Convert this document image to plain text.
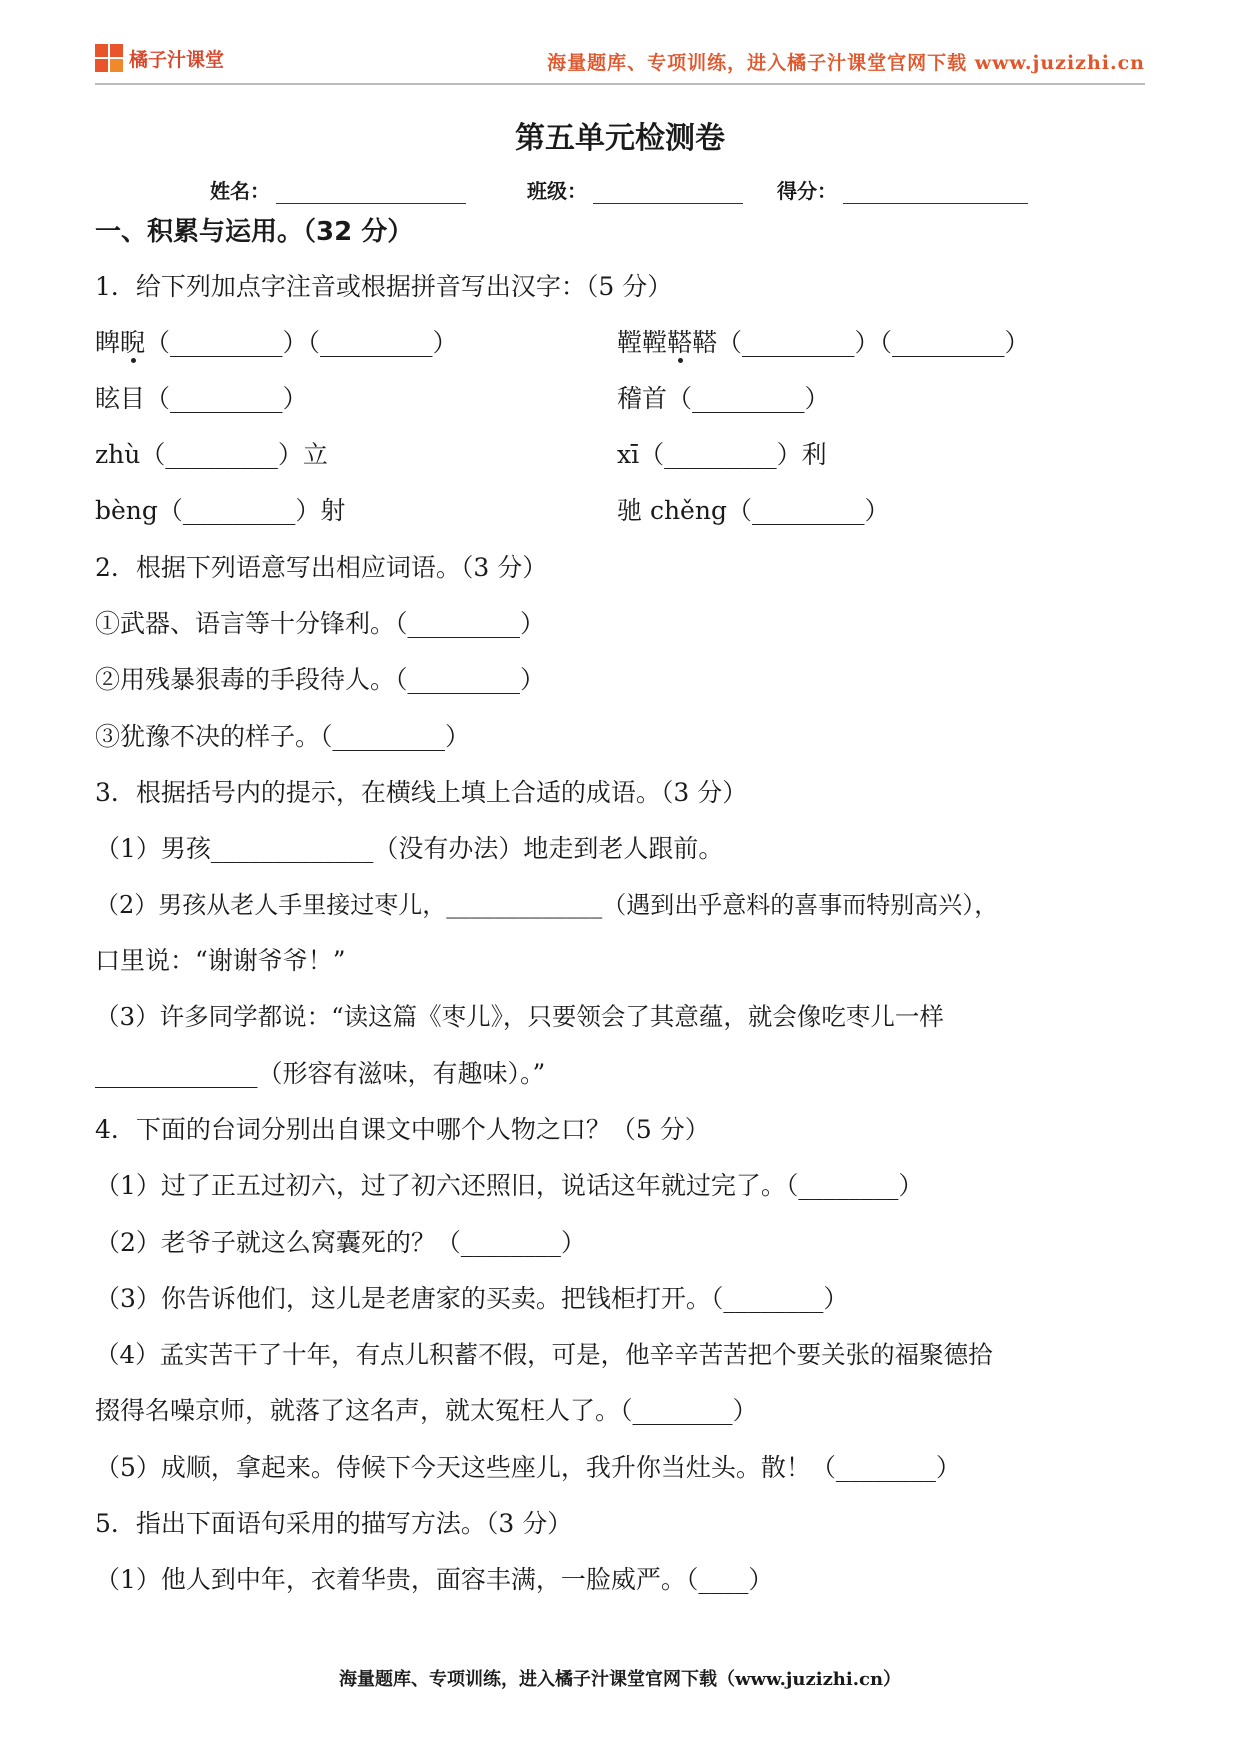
橘子汁课堂	海量题库、专项训练，进入橘子汁课堂官网下载 www.juzizhi.cn
第五单元检测卷
姓名：	班级：	得分：
一、积累与运用。（32 分）
1．给下列加点字注音或根据拼音写出汉字：（5 分）
睥睨（_________）（_________）	鞺鞺鞳鞳（_________）（_________）
眩目（_________）	稽首（_________）
zhù（_________）立	xī（_________）利
bèng（_________）射	驰 chěng（_________）
2．根据下列语意写出相应词语。（3 分）
①武器、语言等十分锋利。（_________）
②用残暴狠毒的手段待人。（_________）
③犹豫不决的样子。（_________）
3．根据括号内的提示，在横线上填上合适的成语。（3 分）
（1）男孩_____________（没有办法）地走到老人跟前。
（2）男孩从老人手里接过枣儿，_____________（遇到出乎意料的喜事而特别高兴），
口里说：“谢谢爷爷！”
（3）许多同学都说：“读这篇《枣儿》，只要领会了其意蕴，就会像吃枣儿一样
_____________（形容有滋味，有趣味）。”
4．下面的台词分别出自课文中哪个人物之口？（5 分）
（1）过了正五过初六，过了初六还照旧，说话这年就过完了。（________）
（2）老爷子就这么窝囊死的？（________）
（3）你告诉他们，这儿是老唐家的买卖。把钱柜打开。（________）
（4）孟实苦干了十年，有点儿积蓄不假，可是，他辛辛苦苦把个要关张的福聚德拾
掇得名噪京师，就落了这名声，就太冤枉人了。（________）
（5）成顺，拿起来。侍候下今天这些座儿，我升你当灶头。散！（________）
5．指出下面语句采用的描写方法。（3 分）
（1）他人到中年，衣着华贵，面容丰满，一脸威严。（____）
海量题库、专项训练，进入橘子汁课堂官网下载（www.juzizhi.cn）
